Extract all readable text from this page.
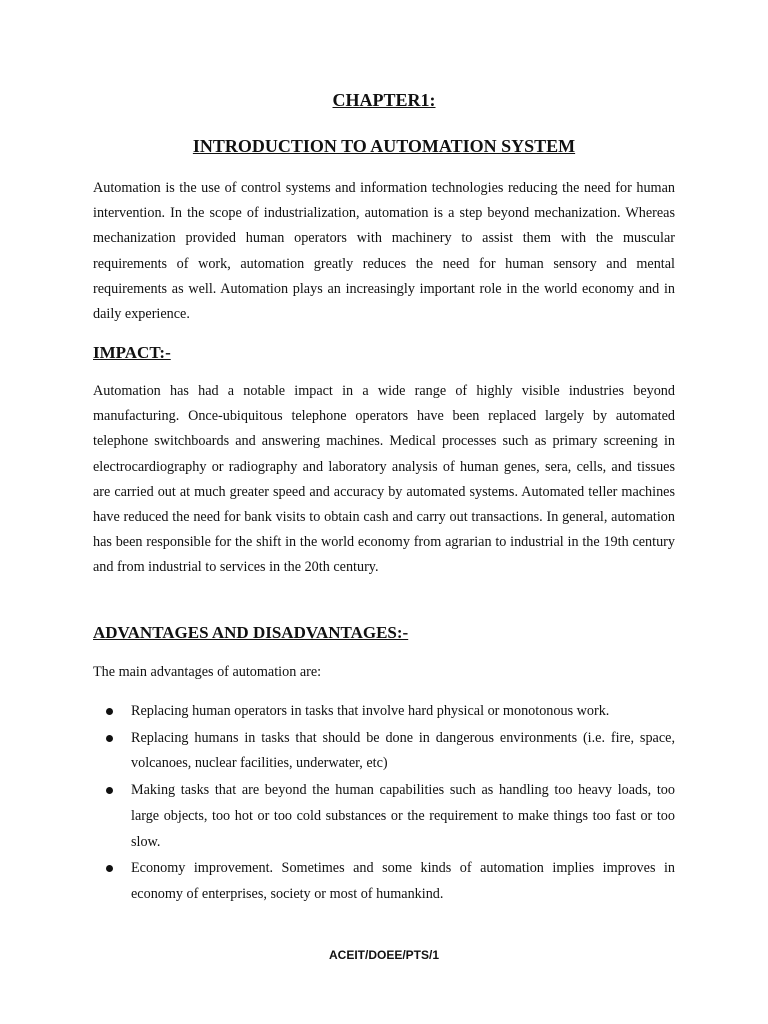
CHAPTER1:
INTRODUCTION TO AUTOMATION SYSTEM

Automation is the use of control systems and information technologies reducing the need for human intervention. In the scope of industrialization, automation is a step beyond mechanization. Whereas mechanization provided human operators with machinery to assist them with the muscular requirements of work, automation greatly reduces the need for human sensory and mental requirements as well. Automation plays an increasingly important role in the world economy and in daily experience.

IMPACT:-

Automation has had a notable impact in a wide range of highly visible industries beyond manufacturing. Once-ubiquitous telephone operators have been replaced largely by automated telephone switchboards and answering machines. Medical processes such as primary screening in electrocardiography or radiography and laboratory analysis of human genes, sera, cells, and tissues are carried out at much greater speed and accuracy by automated systems. Automated teller machines have reduced the need for bank visits to obtain cash and carry out transactions. In general, automation has been responsible for the shift in the world economy from agrarian to industrial in the 19th century and from industrial to services in the 20th century.

ADVANTAGES AND DISADVANTAGES:-

The main advantages of automation are:

Replacing human operators in tasks that involve hard physical or monotonous work.
Replacing humans in tasks that should be done in dangerous environments (i.e. fire, space, volcanoes, nuclear facilities, underwater, etc)
Making tasks that are beyond the human capabilities such as handling too heavy loads, too large objects, too hot or too cold substances or the requirement to make things too fast or too slow.
Economy improvement. Sometimes and some kinds of automation implies improves in economy of enterprises, society or most of humankind.

ACEIT/DOEE/PTS/1
